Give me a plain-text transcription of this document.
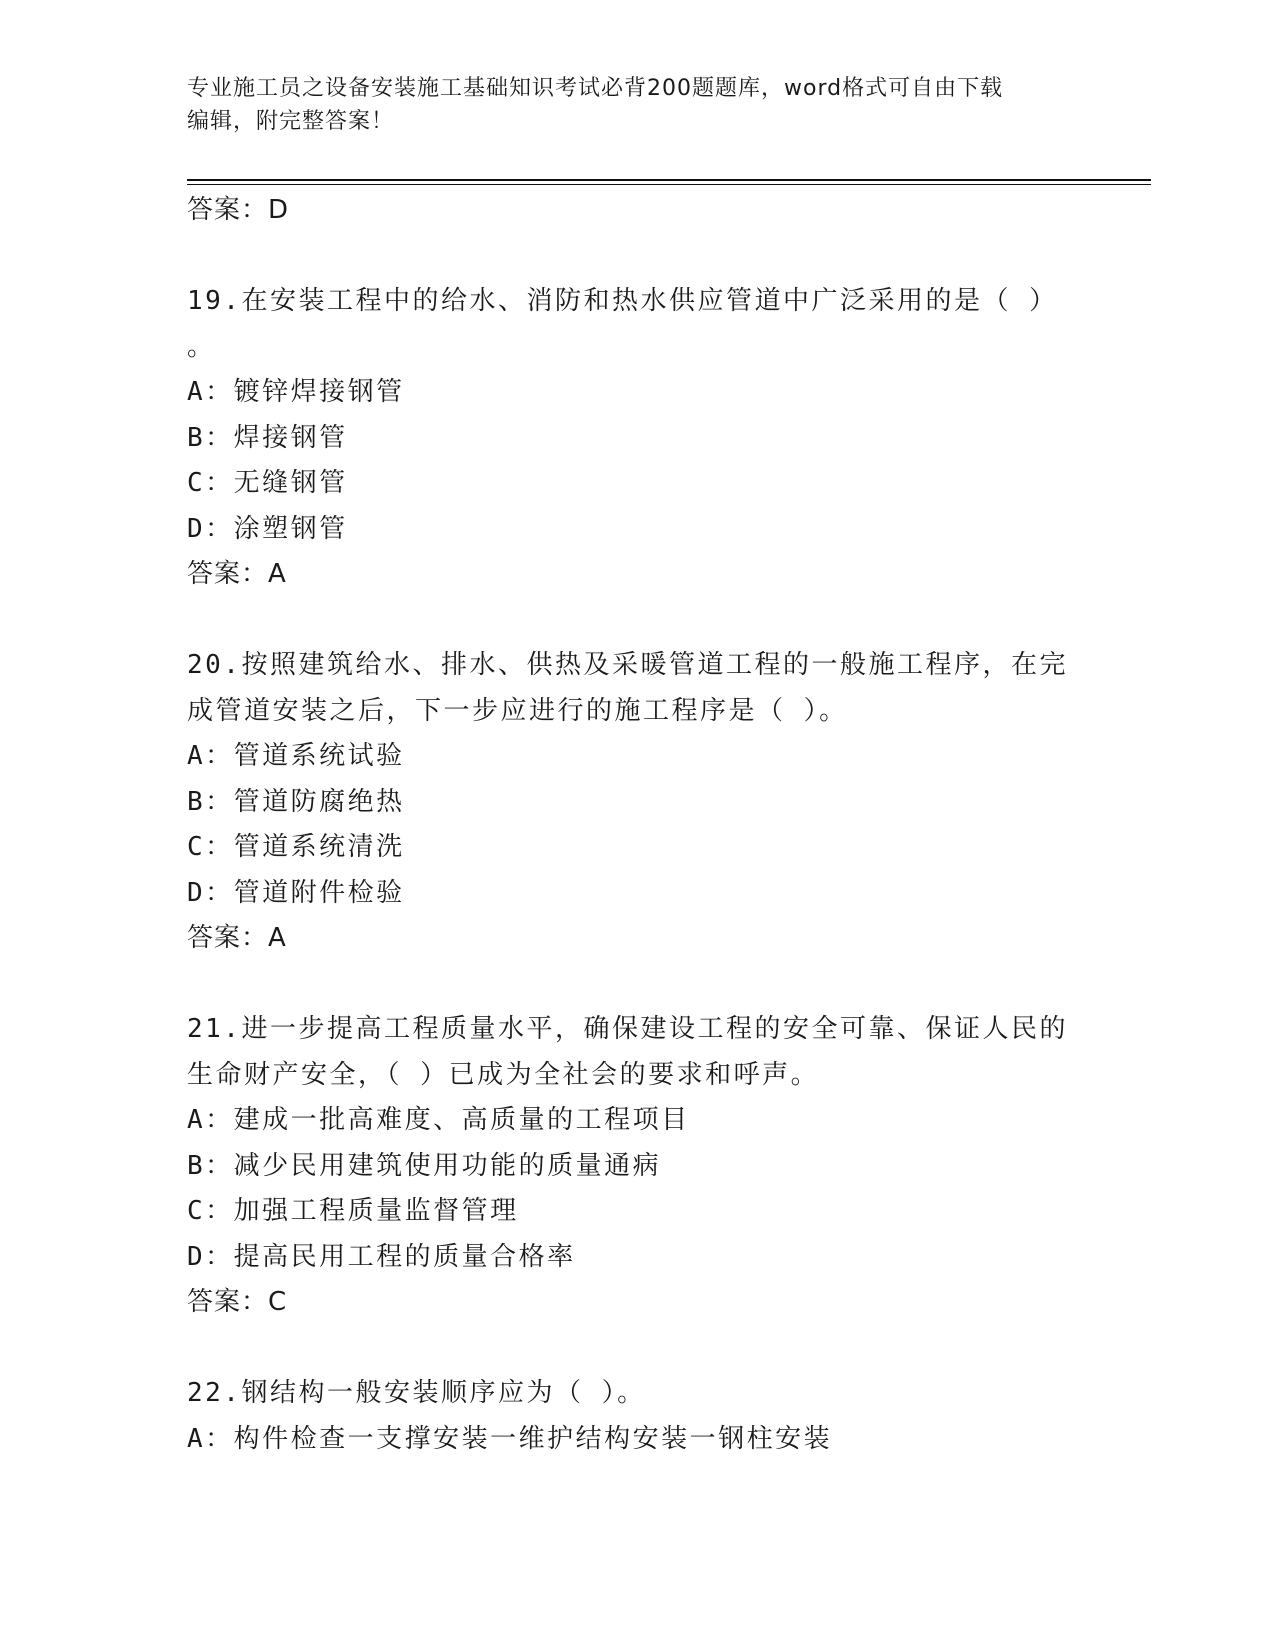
专业施工员之设备安装施工基础知识考试必背200题题库，word格式可自由下载
编辑，附完整答案！
答案：D
19.在安装工程中的给水、消防和热水供应管道中广泛采用的是（ ）
。
A：镀锌焊接钢管
B：焊接钢管
C：无缝钢管
D：涂塑钢管
答案：A
20.按照建筑给水、排水、供热及采暖管道工程的一般施工程序，在完
成管道安装之后，下一步应进行的施工程序是（ ）。
A：管道系统试验
B：管道防腐绝热
C：管道系统清洗
D：管道附件检验
答案：A
21.进一步提高工程质量水平，确保建设工程的安全可靠、保证人民的
生命财产安全，（ ）已成为全社会的要求和呼声。
A：建成一批高难度、高质量的工程项目
B：减少民用建筑使用功能的质量通病
C：加强工程质量监督管理
D：提高民用工程的质量合格率
答案：C
22.钢结构一般安装顺序应为（ ）。
A：构件检查一支撑安装一维护结构安装一钢柱安装
